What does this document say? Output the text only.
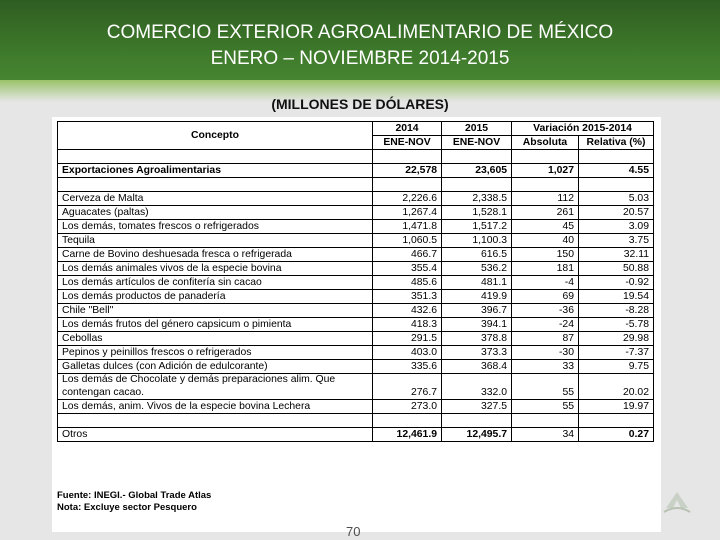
COMERCIO EXTERIOR AGROALIMENTARIO DE MÉXICO
ENERO – NOVIEMBRE 2014-2015
(MILLONES DE DÓLARES)
Concepto	2014	2015	Variación 2015-2014	
	ENE-NOV	ENE-NOV	Absoluta	Relativa (%)

Exportaciones Agroalimentarias	22,578	23,605	1,027	4.55

Cerveza de Malta	2,226.6	2,338.5	112	5.03
Aguacates (paltas)	1,267.4	1,528.1	261	20.57
Los demás, tomates frescos o refrigerados	1,471.8	1,517.2	45	3.09
Tequila	1,060.5	1,100.3	40	3.75
Carne de Bovino deshuesada fresca o refrigerada	466.7	616.5	150	32.11
Los demás animales vivos de la especie bovina	355.4	536.2	181	50.88
Los demás artículos de confitería sin cacao	485.6	481.1	-4	-0.92
Los demás productos de panadería	351.3	419.9	69	19.54
Chile "Bell"	432.6	396.7	-36	-8.28
Los demás frutos del género capsicum o pimienta	418.3	394.1	-24	-5.78
Cebollas	291.5	378.8	87	29.98
Pepinos y peinillos frescos o refrigerados	403.0	373.3	-30	-7.37
Galletas dulces (con Adición de edulcorante)	335.6	368.4	33	9.75

Los demás de Chocolate y demás preparaciones alim. Que
contengan cacao.	276.7	332.0	55	20.02
Los demás, anim. Vivos de la especie bovina Lechera	273.0	327.5	55	19.97

Otros	12,461.9	12,495.7	34	0.27
Fuente: INEGI.- Global Trade Atlas
Nota: Excluye sector Pesquero
70
